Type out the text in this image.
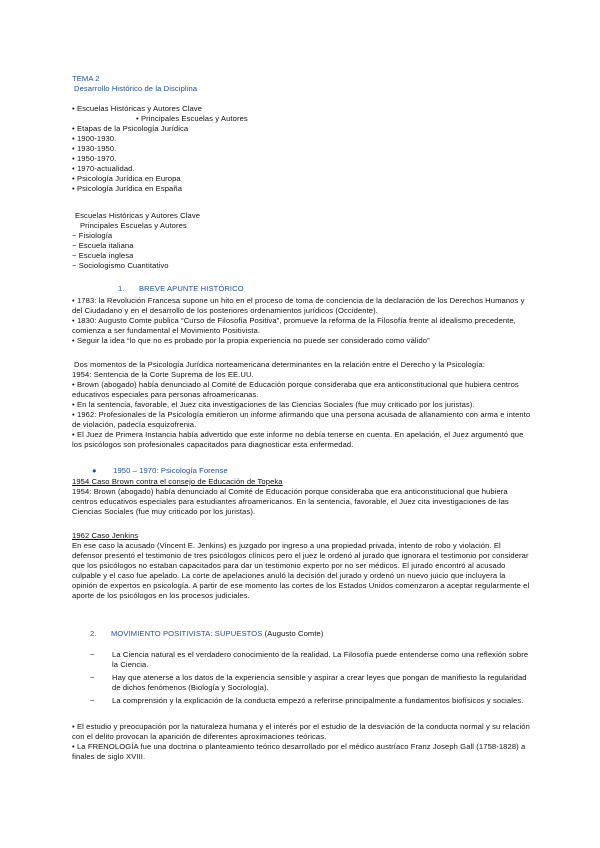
TEMA 2
Desarrollo Histórico de la Disciplina
• Escuelas Históricas y Autores Clave
• Principales Escuelas y Autores
• Etapas de la Psicología Jurídica
• 1900-1930.
• 1930-1950.
• 1950-1970.
• 1970-actualidad.
• Psicología Jurídica en Europa
• Psicología Jurídica en España
Escuelas Históricas y Autores Clave
Principales Escuelas y Autores
− Fisiología
− Escuela italiana
− Escuela inglesa
− Sociologismo Cuantitativo
1. BREVE APUNTE HISTÓRICO
• 1783: la Revolución Francesa supone un hito en el proceso de toma de conciencia de la declaración de los Derechos Humanos y del Ciudadano y en el desarrollo de los posteriores ordenamientos jurídicos (Occidente).
• 1830: Augusto Comte publica “Curso de Filosofía Positiva”, promueve la reforma de la Filosofía frente al idealismo precedente, comienza a ser fundamental el Movimiento Positivista.
• Seguir la idea “lo que no es probado por la propia experiencia no puede ser considerado como válido”
Dos momentos de la Psicología Jurídica norteamericana determinantes en la relación entre el Derecho y la Psicología:
1954: Sentencia de la Corte Suprema de los EE.UU.
• Brown (abogado) había denunciado al Comité de Educación porque consideraba que era anticonstitucional que hubiera centros educativos especiales para personas afroamericanas.
• En la sentencia, favorable, el Juez cita investigaciones de las Ciencias Sociales (fue muy criticado por los juristas).
• 1962: Profesionales de la Psicología emitieron un informe afirmando que una persona acusada de allanamiento con arma e intento de violación, padecía esquizofrenia.
• El Juez de Primera Instancia había advertido que este informe no debía tenerse en cuenta. En apelación, el Juez argumentó que los psicólogos son profesionales capacitados para diagnosticar esta enfermedad.
● 1950 – 1970: Psicología Forense
1954 Caso Brown contra el consejo de Educación de Topeka
1954: Brown (abogado) había denunciado al Comité de Educación porque consideraba que era anticonstitucional que hubiera centros educativos especiales para estudiantes afroamericanos. En la sentencia, favorable, el Juez cita investigaciones de las Ciencias Sociales (fue muy criticado por los juristas).
1962 Caso Jenkins
En ese caso la acusado (Vincent E. Jenkins) es juzgado por ingreso a una propiedad privada, intento de robo y violación. El defensor presentó el testimonio de tres psicólogos clínicos pero el juez le ordenó al jurado que ignorara el testimonio por considerar que los psicólogos no estaban capacitados para dar un testimonio experto por no ser médicos. El jurado encontró al acusado culpable y el caso fue apelado. La corte de apelaciones anuló la decisión del jurado y ordenó un nuevo juicio que incluyera la opinión de expertos en psicología. A partir de ese momento las cortes de los Estados Unidos comenzaron a aceptar regularmente el aporte de los psicólogos en los procesos judiciales.
2. MOVIMIENTO POSITIVISTA: SUPUESTOS (Augusto Comte)
−	La Ciencia natural es el verdadero conocimiento de la realidad. La Filosofía puede entenderse como una reflexión sobre la Ciencia.
−	Hay que atenerse a los datos de la experiencia sensible y aspirar a crear leyes que pongan de manifiesto la regularidad de dichos fenómenos (Biología y Sociología).
−	La comprensión y la explicación de la conducta empezó a referirse principalmente a fundamentos biofísicos y sociales.
• El estudio y preocupación por la naturaleza humana y el interés por el estudio de la desviación de la conducta normal y su relación con el delito provocan la aparición de diferentes aproximaciones teóricas.
• La FRENOLOGÍA fue una doctrina o planteamiento teórico desarrollado por el médico austríaco Franz Joseph Gall (1758-1828) a finales de siglo XVIII.
